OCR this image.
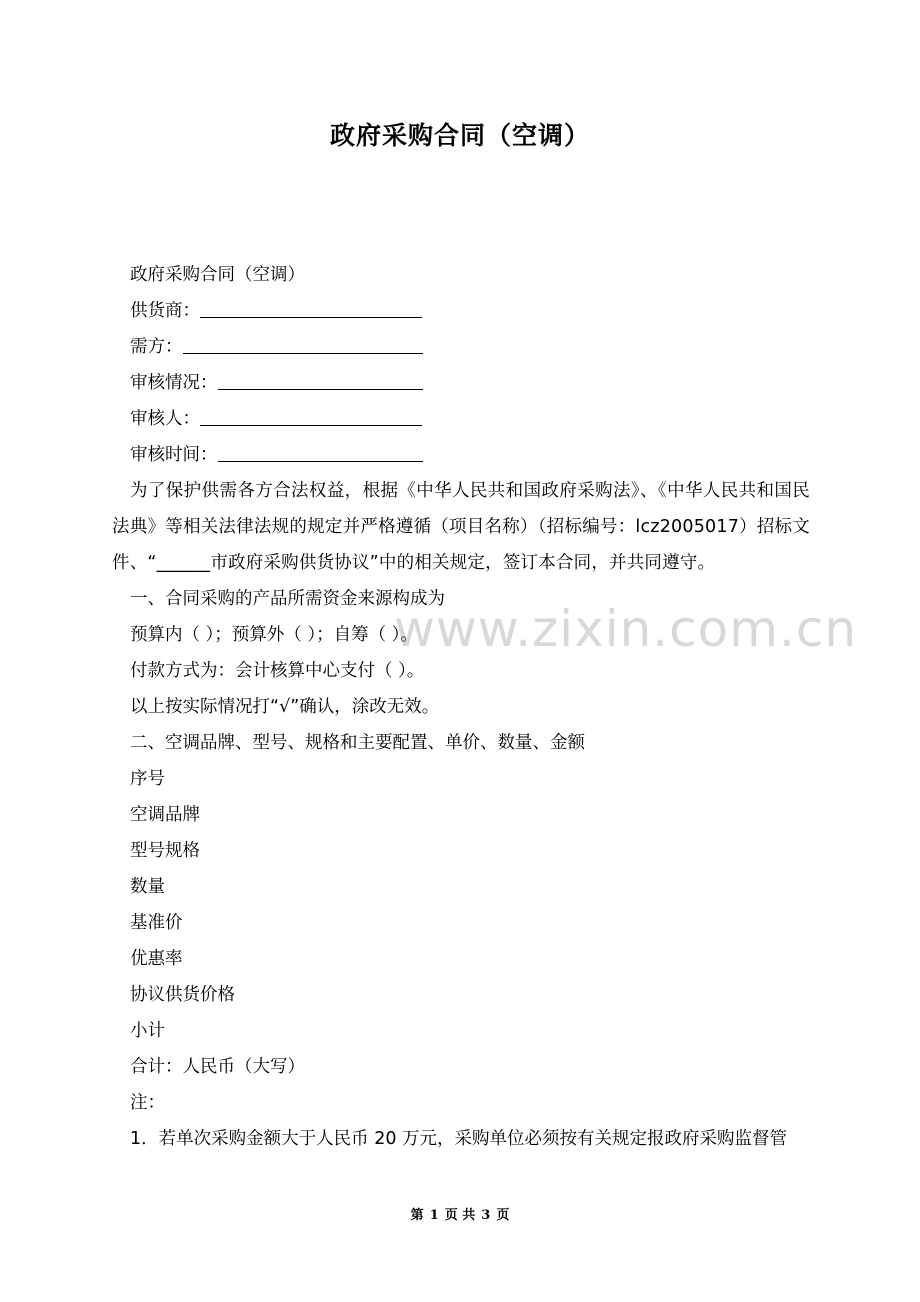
www.zixin.com.cn
政府采购合同（空调）
政府采购合同（空调）
供货商：
需方：
审核情况：
审核人：
审核时间：
为了保护供需各方合法权益，根据《中华人民共和国政府采购法》、《中华人民共和国民法典》等相关法律法规的规定并严格遵循（项目名称）（招标编号：lcz2005017）招标文件、“______市政府采购供货协议”中的相关规定，签订本合同，并共同遵守。
一、合同采购的产品所需资金来源构成为
预算内（ ）；预算外（ ）；自筹（ ）。
付款方式为：会计核算中心支付（ ）。
以上按实际情况打“√”确认，涂改无效。
二、空调品牌、型号、规格和主要配置、单价、数量、金额
序号
空调品牌
型号规格
数量
基准价
优惠率
协议供货价格
小计
合计：人民币（大写）
注：
1．若单次采购金额大于人民币 20 万元，采购单位必须按有关规定报政府采购监督管
第 1 页 共 3 页
